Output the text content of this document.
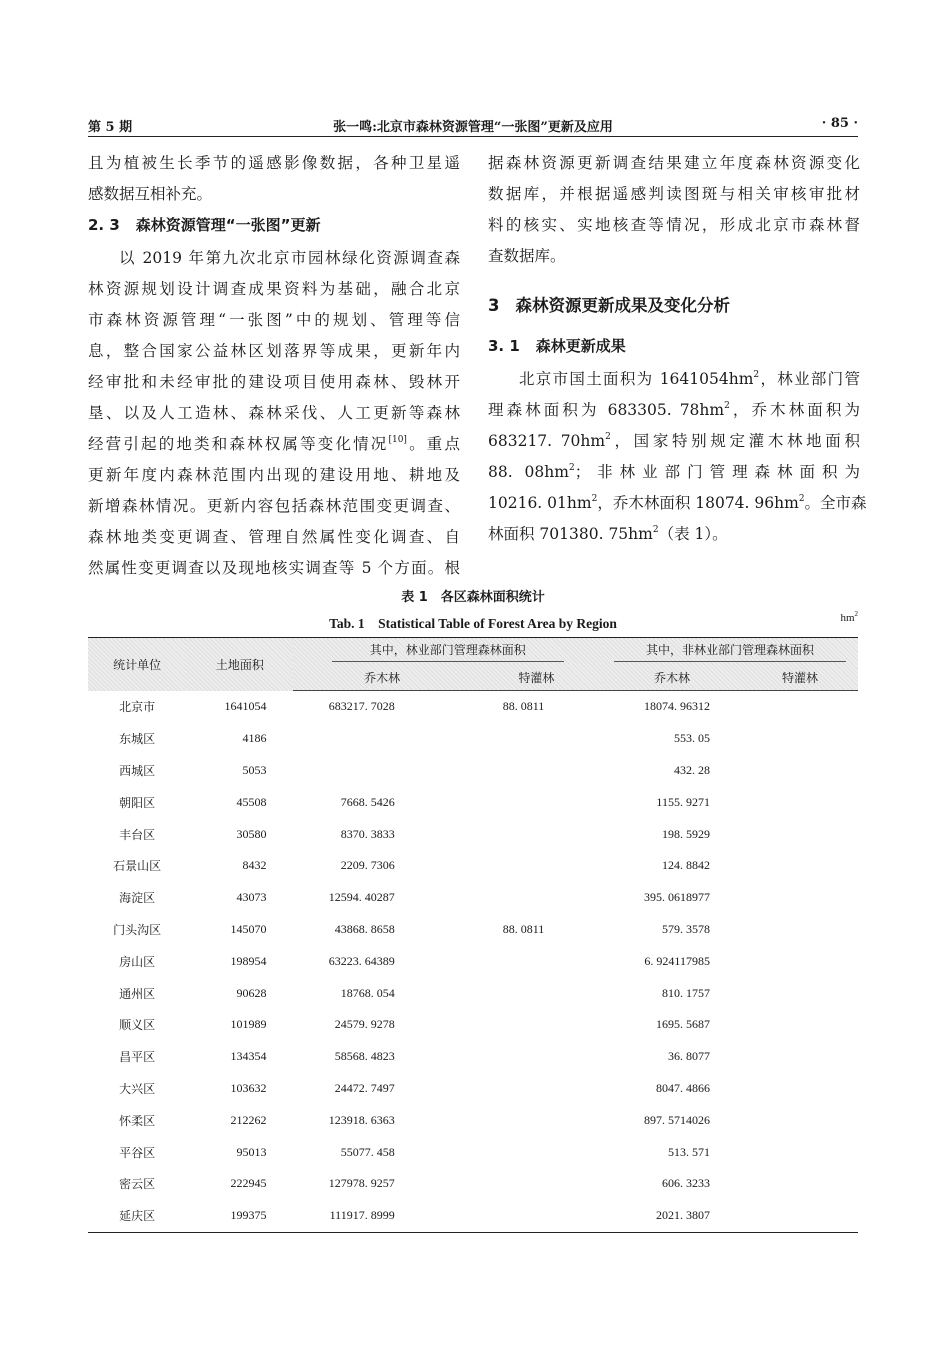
第 5 期	张一鸣:北京市森林资源管理“一张图”更新及应用	· 85 ·
且为植被生长季节的遥感影像数据，各种卫星遥
感数据互相补充。
2. 3 森林资源管理“一张图”更新
以 2019 年第九次北京市园林绿化资源调查森
林资源规划设计调查成果资料为基础，融合北京
市森林资源管理“一张图”中的规划、管理等信
息，整合国家公益林区划落界等成果，更新年内
经审批和未经审批的建设项目使用森林、毁林开
垦、以及人工造林、森林采伐、人工更新等森林
经营引起的地类和森林权属等变化情况[10]。重点
更新年度内森林范围内出现的建设用地、耕地及
新增森林情况。更新内容包括森林范围变更调查、
森林地类变更调查、管理自然属性变化调查、自
然属性变更调查以及现地核实调查等 5 个方面。根
据森林资源更新调查结果建立年度森林资源变化
数据库，并根据遥感判读图斑与相关审核审批材
料的核实、实地核查等情况，形成北京市森林督
查数据库。
3 森林资源更新成果及变化分析
3. 1 森林更新成果
北京市国土面积为 $1641054hm^2$，林业部门管
理森林面积为 683305. $78hm^2$，乔木林面积为
683217. $70hm^2$，国家特别规定灌木林地面积
88. $08hm^2$；非林业部门管理森林面积为
10216. $01hm^2$，乔木林面积 18074. $96hm^2$。全市森
林面积 701380. $75hm^2$（表 1）。
表 1　各区森林面积统计
Tab. 1　Statistical Table of Forest Area by Region	$hm^2$
统计单位	土地面积	其中，林业部门管理森林面积		其中，非林业部门管理森林面积	
		乔木林	特灌林	乔木林	特灌林
北京市	1641054	683217. 7028	88. 0811	18074. 96312	
东城区	4186			553. 05	
西城区	5053			432. 28	
朝阳区	45508	7668. 5426		1155. 9271	
丰台区	30580	8370. 3833		198. 5929	
石景山区	8432	2209. 7306		124. 8842	
海淀区	43073	12594. 40287		395. 0618977	
门头沟区	145070	43868. 8658	88. 0811	579. 3578	
房山区	198954	63223. 64389		6. 924117985	
通州区	90628	18768. 054		810. 1757	
顺义区	101989	24579. 9278		1695. 5687	
昌平区	134354	58568. 4823		36. 8077	
大兴区	103632	24472. 7497		8047. 4866	
怀柔区	212262	123918. 6363		897. 5714026	
平谷区	95013	55077. 458		513. 571	
密云区	222945	127978. 9257		606. 3233	
延庆区	199375	111917. 8999		2021. 3807	
